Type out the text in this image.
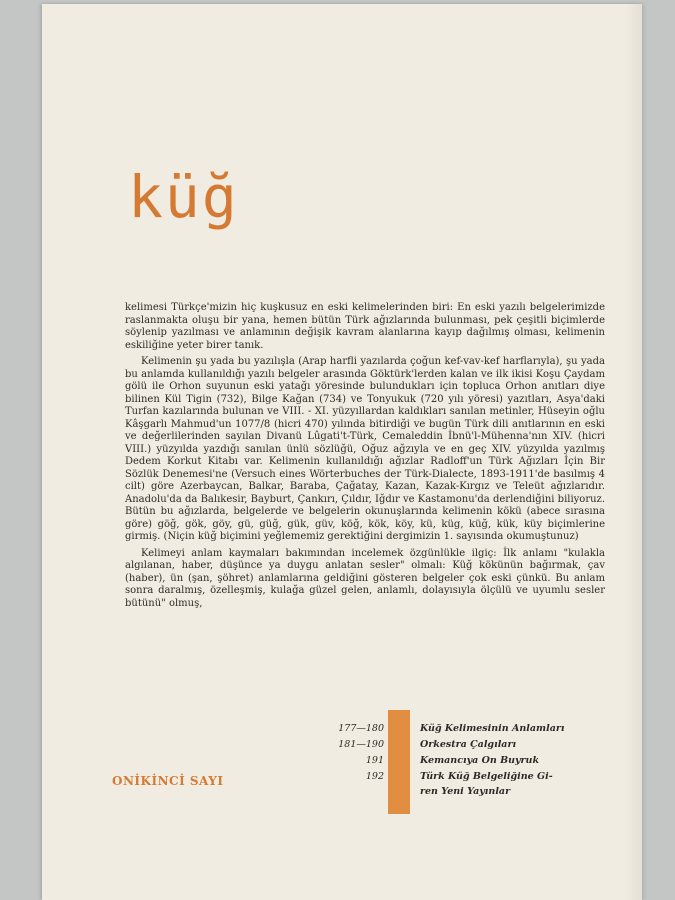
küğ

kelimesi Türkçe'mizin hiç kuşkusuz en eski kelimelerinden biri: En eski yazılı belgelerimizde raslanmakta oluşu bir yana, hemen bütün Türk ağızlarında bulunması, pek çeşitli biçimlerde söylenip yazılması ve anlamının değişik kavram alanlarına kayıp dağılmış olması, kelimenin eskiliğine yeter birer tanık.

Kelimenin şu yada bu yazılışla (Arap harfli yazılarda çoğun kef-vav-kef harflarıyla), şu yada bu anlamda kullanıldığı yazılı belgeler arasında Göktürk'lerden kalan ve ilk ikisi Koşu Çaydam gölü ile Orhon suyunun eski yatağı yöresinde bulundukları için topluca Orhon anıtları diye bilinen Kül Tigin (732), Bilge Kağan (734) ve Tonyukuk (720 yılı yöresi) yazıtları, Asya'daki Turfan kazılarında bulunan ve VIII. - XI. yüzyıllardan kaldıkları sanılan metinler, Hüseyin oğlu Kâşgarlı Mahmud'un 1077/8 (hicri 470) yılında bitirdiği ve bugün Türk dili anıtlarının en eski ve değerlilerinden sayılan Divanü Lûgati't-Türk, Cemaleddin İbnü'l-Mühenna'nın XIV. (hicri VIII.) yüzyılda yazdığı sanılan ünlü sözlüğü, Oğuz ağzıyla ve en geç XIV. yüzyılda yazılmış Dedem Korkut Kitabı var. Kelimenin kullanıldığı ağızlar Radloff'un Türk Ağızları İçin Bir Sözlük Denemesi'ne (Versuch eines Wörterbuches der Türk-Dialecte, 1893-1911'de basılmış 4 cilt) göre Azerbaycan, Balkar, Baraba, Çağatay, Kazan, Kazak-Kırgız ve Teleüt ağızlarıdır. Anadolu'da da Balıkesir, Bayburt, Çankırı, Çıldır, Iğdır ve Kastamonu'da derlendiğini biliyoruz. Bütün bu ağızlarda, belgelerde ve belgelerin okunuşlarında kelimenin kökü (abece sırasına göre) göğ, gök, göy, gü, güğ, gük, güv, köğ, kök, köy, kü, küg, küğ, kük, küy biçimlerine girmiş. (Niçin küğ biçimini yeğlememiz gerektiğini dergimizin 1. sayısında okumuştunuz)

Kelimeyi anlam kaymaları bakımından incelemek özgünlükle ilgiç: İlk anlamı "kulakla algılanan, haber, düşünce ya duygu anlatan sesler" olmalı: Küğ kökünün bağırmak, çav (haber), ün (şan, şöhret) anlamlarına geldiğini gösteren belgeler çok eski çünkü. Bu anlam sonra daralmış, özelleşmiş, kulağa güzel gelen, anlamlı, dolayısıyla ölçülü ve uyumlu sesler bütünü" olmuş,

177—180	Küğ Kelimesinin Anlamları
181—190	Orkestra Çalgıları
191	Kemancıya On Buyruk
192	Türk Küğ Belgeliğine Gi-
ren Yeni Yayınlar
ONİKİNCİ SAYI
